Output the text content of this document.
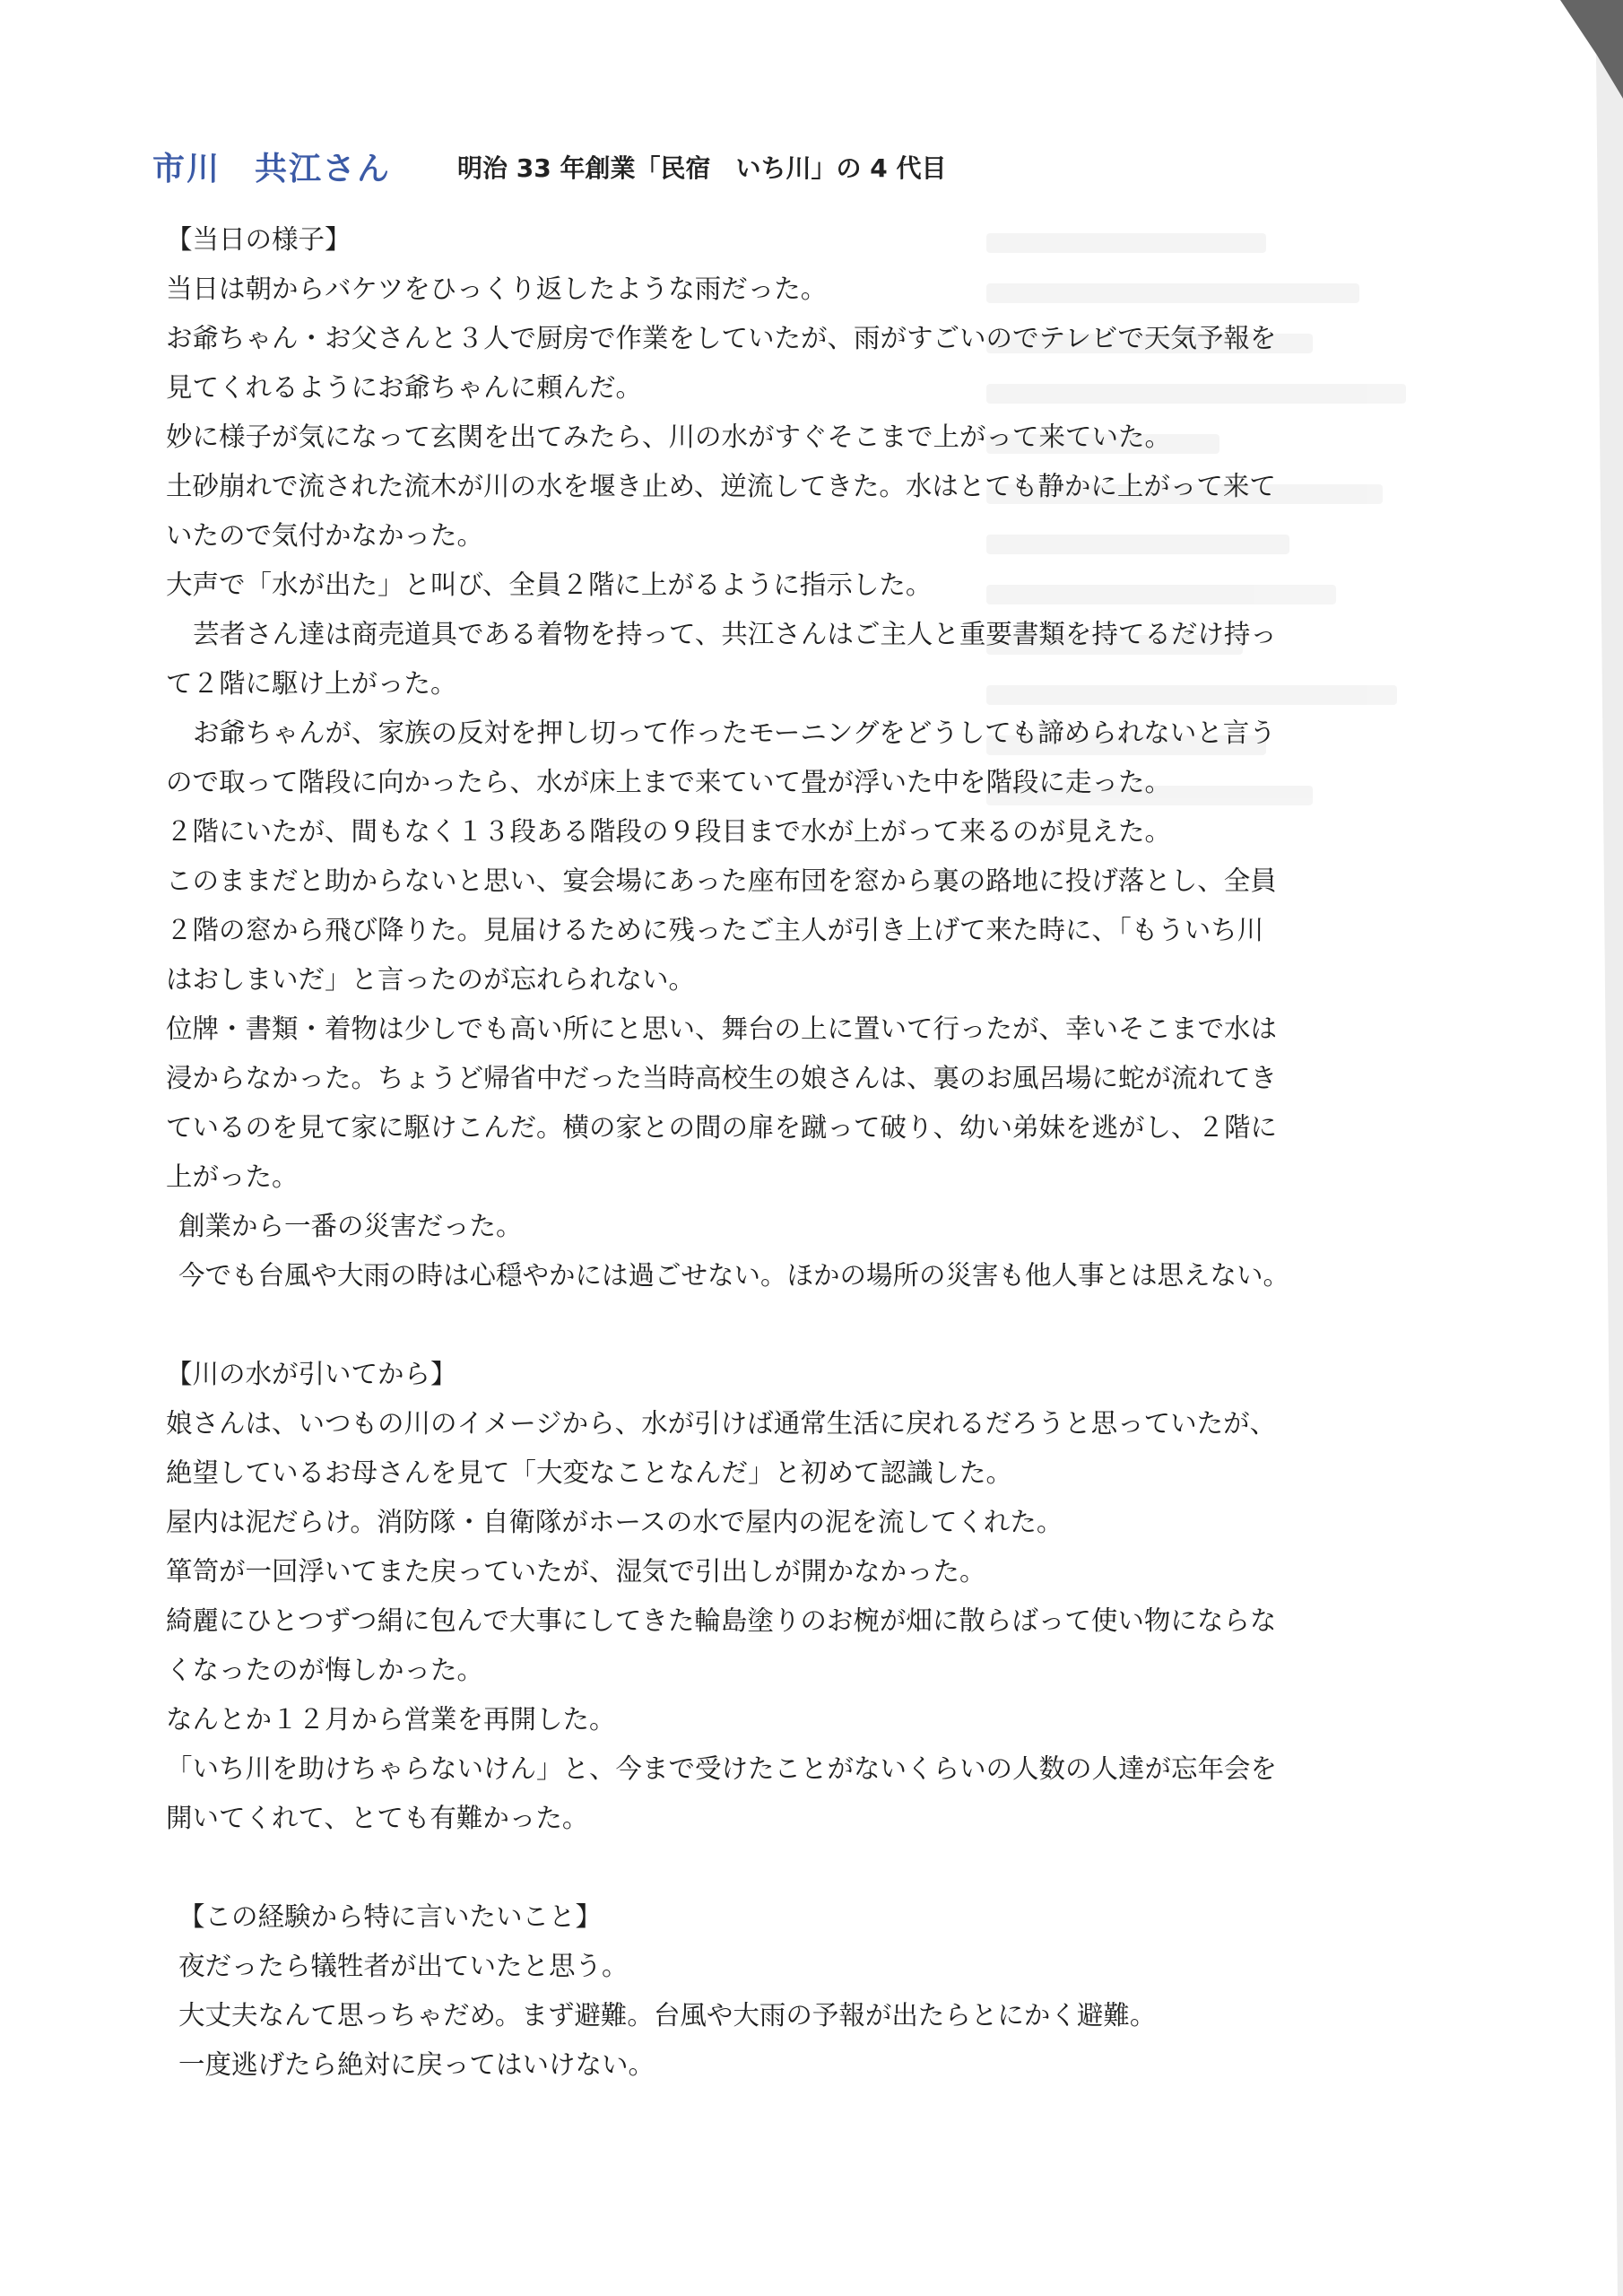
市川　共江さん	明治 33 年創業「民宿　いち川」の 4 代目
【当日の様子】
当日は朝からバケツをひっくり返したような雨だった。
お爺ちゃん・お父さんと３人で厨房で作業をしていたが、雨がすごいのでテレビで天気予報を
見てくれるようにお爺ちゃんに頼んだ。
妙に様子が気になって玄関を出てみたら、川の水がすぐそこまで上がって来ていた。
土砂崩れで流された流木が川の水を堰き止め、逆流してきた。水はとても静かに上がって来て
いたので気付かなかった。
大声で「水が出た」と叫び、全員２階に上がるように指示した。
芸者さん達は商売道具である着物を持って、共江さんはご主人と重要書類を持てるだけ持っ
て２階に駆け上がった。
お爺ちゃんが、家族の反対を押し切って作ったモーニングをどうしても諦められないと言う
ので取って階段に向かったら、水が床上まで来ていて畳が浮いた中を階段に走った。
２階にいたが、間もなく１３段ある階段の９段目まで水が上がって来るのが見えた。
このままだと助からないと思い、宴会場にあった座布団を窓から裏の路地に投げ落とし、全員
２階の窓から飛び降りた。見届けるために残ったご主人が引き上げて来た時に、「もういち川
はおしまいだ」と言ったのが忘れられない。
位牌・書類・着物は少しでも高い所にと思い、舞台の上に置いて行ったが、幸いそこまで水は
浸からなかった。ちょうど帰省中だった当時高校生の娘さんは、裏のお風呂場に蛇が流れてき
ているのを見て家に駆けこんだ。横の家との間の扉を蹴って破り、幼い弟妹を逃がし、２階に
上がった。
創業から一番の災害だった。
今でも台風や大雨の時は心穏やかには過ごせない。ほかの場所の災害も他人事とは思えない。
【川の水が引いてから】
娘さんは、いつもの川のイメージから、水が引けば通常生活に戻れるだろうと思っていたが、
絶望しているお母さんを見て「大変なことなんだ」と初めて認識した。
屋内は泥だらけ。消防隊・自衛隊がホースの水で屋内の泥を流してくれた。
箪笥が一回浮いてまた戻っていたが、湿気で引出しが開かなかった。
綺麗にひとつずつ絹に包んで大事にしてきた輪島塗りのお椀が畑に散らばって使い物にならな
くなったのが悔しかった。
なんとか１２月から営業を再開した。
「いち川を助けちゃらないけん」と、今まで受けたことがないくらいの人数の人達が忘年会を
開いてくれて、とても有難かった。
【この経験から特に言いたいこと】
夜だったら犠牲者が出ていたと思う。
大丈夫なんて思っちゃだめ。まず避難。台風や大雨の予報が出たらとにかく避難。
一度逃げたら絶対に戻ってはいけない。
